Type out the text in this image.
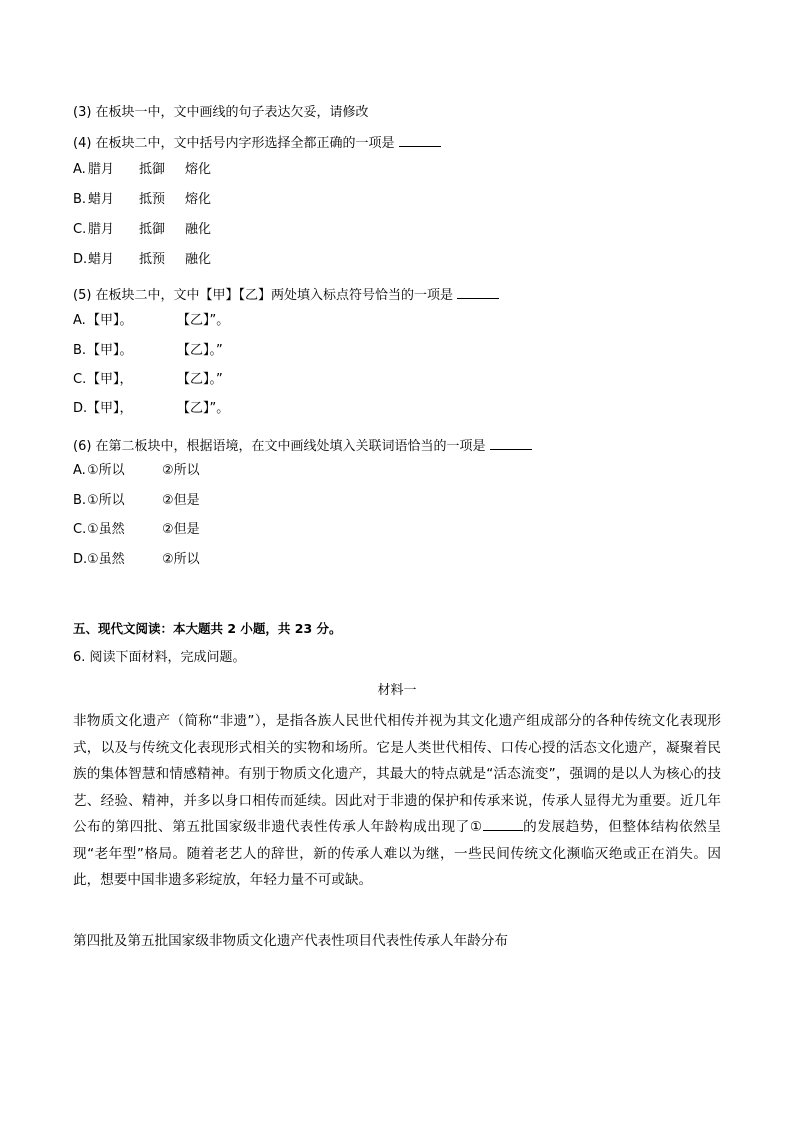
(3) 在板块一中，文中画线的句子表达欠妥，请修改
(4) 在板块二中，文中括号内字形选择全都正确的一项是
A. 腊月 抵御 熔化
B. 蜡月 抵预 熔化
C. 腊月 抵御 融化
D. 蜡月 抵预 融化
(5) 在板块二中，文中【甲】【乙】两处填入标点符号恰当的一项是
A. 【甲】。	【乙】”。
B. 【甲】。	【乙】。”
C. 【甲】，	【乙】。”
D. 【甲】，	【乙】”。
(6) 在第二板块中，根据语境，在文中画线处填入关联词语恰当的一项是
A. ①所以	②所以
B. ①所以	②但是
C. ①虽然	②但是
D. ①虽然	②所以
五、现代文阅读：本大题共 2 小题，共 23 分。
6. 阅读下面材料，完成问题。
材料一
非物质文化遗产（简称“非遗”），是指各族人民世代相传并视为其文化遗产组成部分的各种传统文化表现形式，以及与传统文化表现形式相关的实物和场所。它是人类世代相传、口传心授的活态文化遗产，凝聚着民族的集体智慧和情感精神。有别于物质文化遗产，其最大的特点就是“活态流变”，强调的是以人为核心的技艺、经验、精神，并多以身口相传而延续。因此对于非遗的保护和传承来说，传承人显得尤为重要。近几年公布的第四批、第五批国家级非遗代表性传承人年龄构成出现了①	的发展趋势，但整体结构依然呈现“老年型”格局。随着老艺人的辞世，新的传承人难以为继，一些民间传统文化濒临灭绝或正在消失。因此，想要中国非遗多彩绽放，年轻力量不可或缺。
第四批及第五批国家级非物质文化遗产代表性项目代表性传承人年龄分布
